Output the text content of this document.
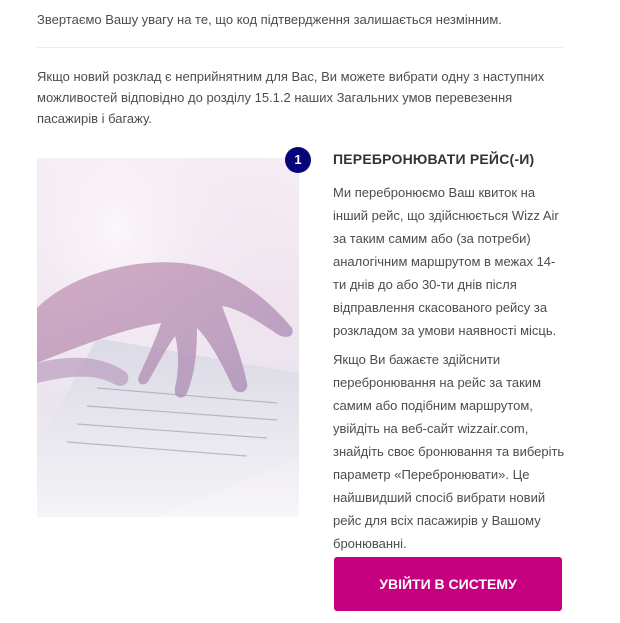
Звертаємо Вашу увагу на те, що код підтвердження залишається незмінним.

Якщо новий розклад є неприйнятним для Вас, Ви можете вибрати одну з наступних можливостей відповідно до розділу 15.1.2 наших Загальних умов перевезення пасажирів і багажу.

1	ПЕРЕБРОНЮВАТИ РЕЙС(-И)

Ми перебронюємо Ваш квиток на інший рейс, що здійснюється Wizz Air за таким самим або (за потреби) аналогічним маршрутом в межах 14-ти днів до або 30-ти днів після відправлення скасованого рейсу за розкладом за умови наявності місць.

Якщо Ви бажаєте здійснити перебронювання на рейс за таким самим або подібним маршрутом, увійдіть на веб-сайт wizzair.com, знайдіть своє бронювання та виберіть параметр «Перебронювати». Це найшвидший спосіб вибрати новий рейс для всіх пасажирів у Вашому бронюванні.

УВІЙТИ В СИСТЕМУ
